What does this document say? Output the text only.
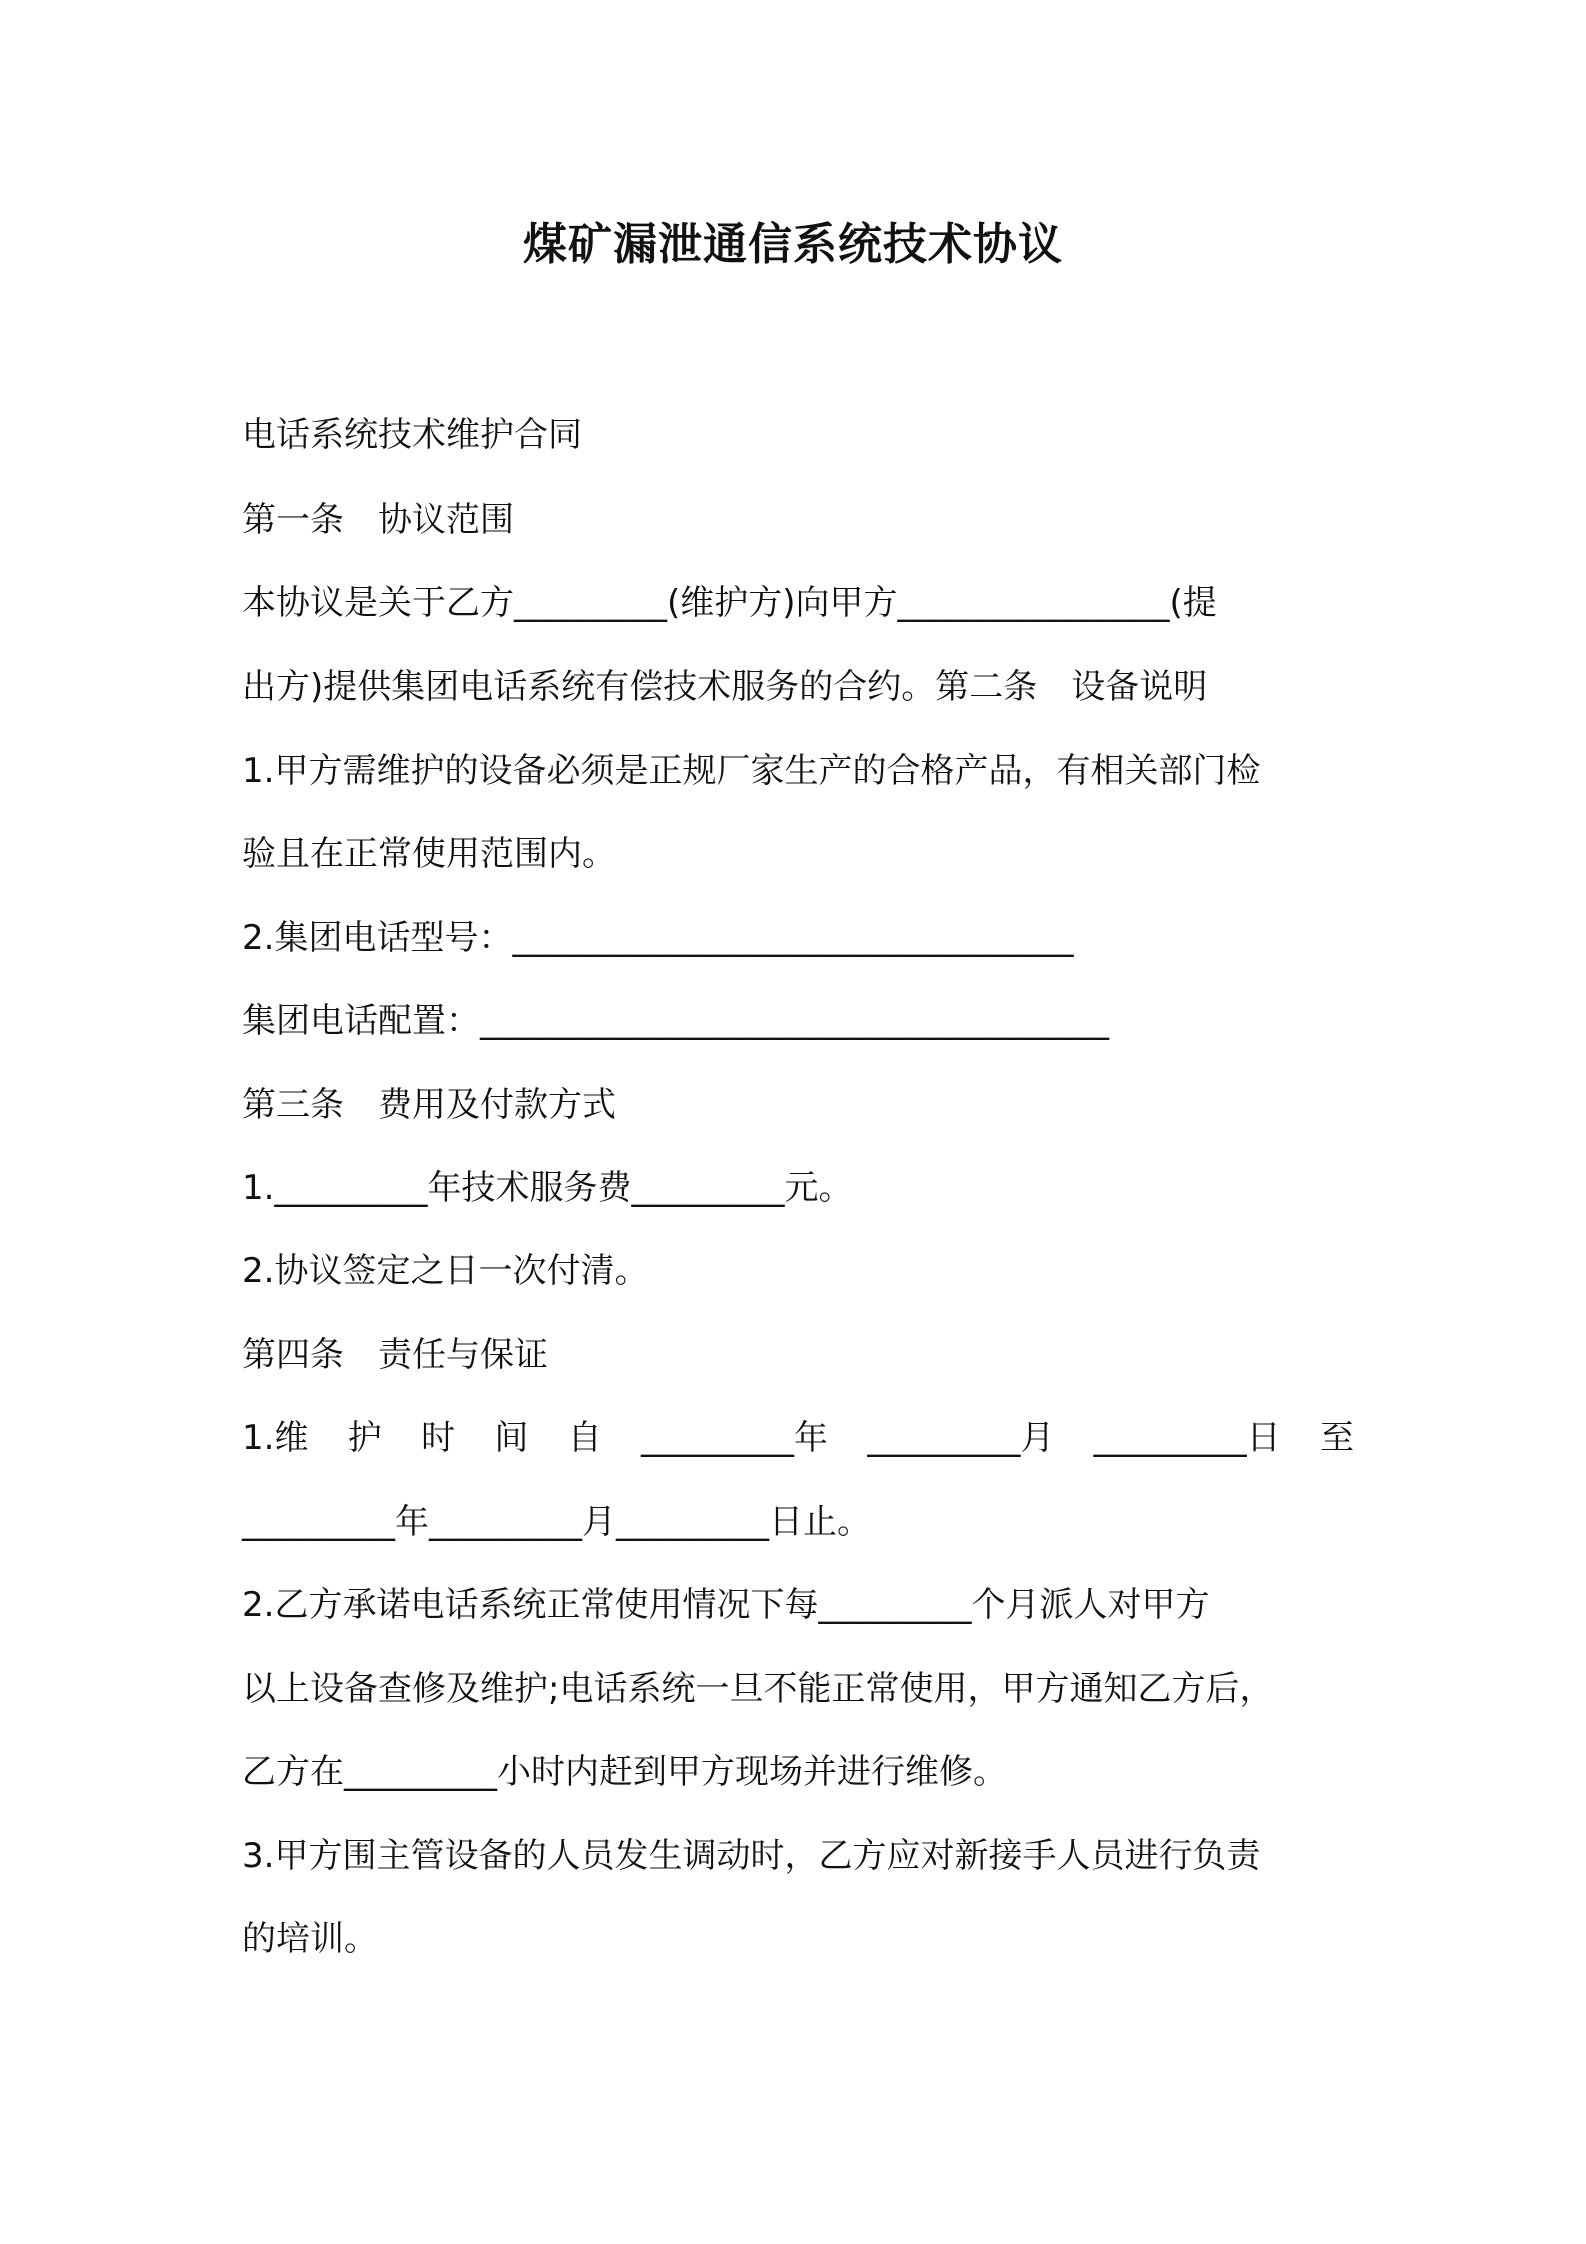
煤矿漏泄通信系统技术协议
电话系统技术维护合同
第一条　协议范围
本协议是关于乙方_________(维护方)向甲方________________(提
出方)提供集团电话系统有偿技术服务的合约。第二条　设备说明
1.甲方需维护的设备必须是正规厂家生产的合格产品，有相关部门检
验且在正常使用范围内。
2.集团电话型号：_________________________________
集团电话配置：_____________________________________
第三条　费用及付款方式
1._________年技术服务费_________元。
2.协议签定之日一次付清。
第四条　责任与保证
1.维 护 时 间 自 _________年 _________月 _________日 至
_________年_________月_________日止。
2.乙方承诺电话系统正常使用情况下每_________个月派人对甲方
以上设备查修及维护;电话系统一旦不能正常使用，甲方通知乙方后，
乙方在_________小时内赶到甲方现场并进行维修。
3.甲方围主管设备的人员发生调动时，乙方应对新接手人员进行负责
的培训。
